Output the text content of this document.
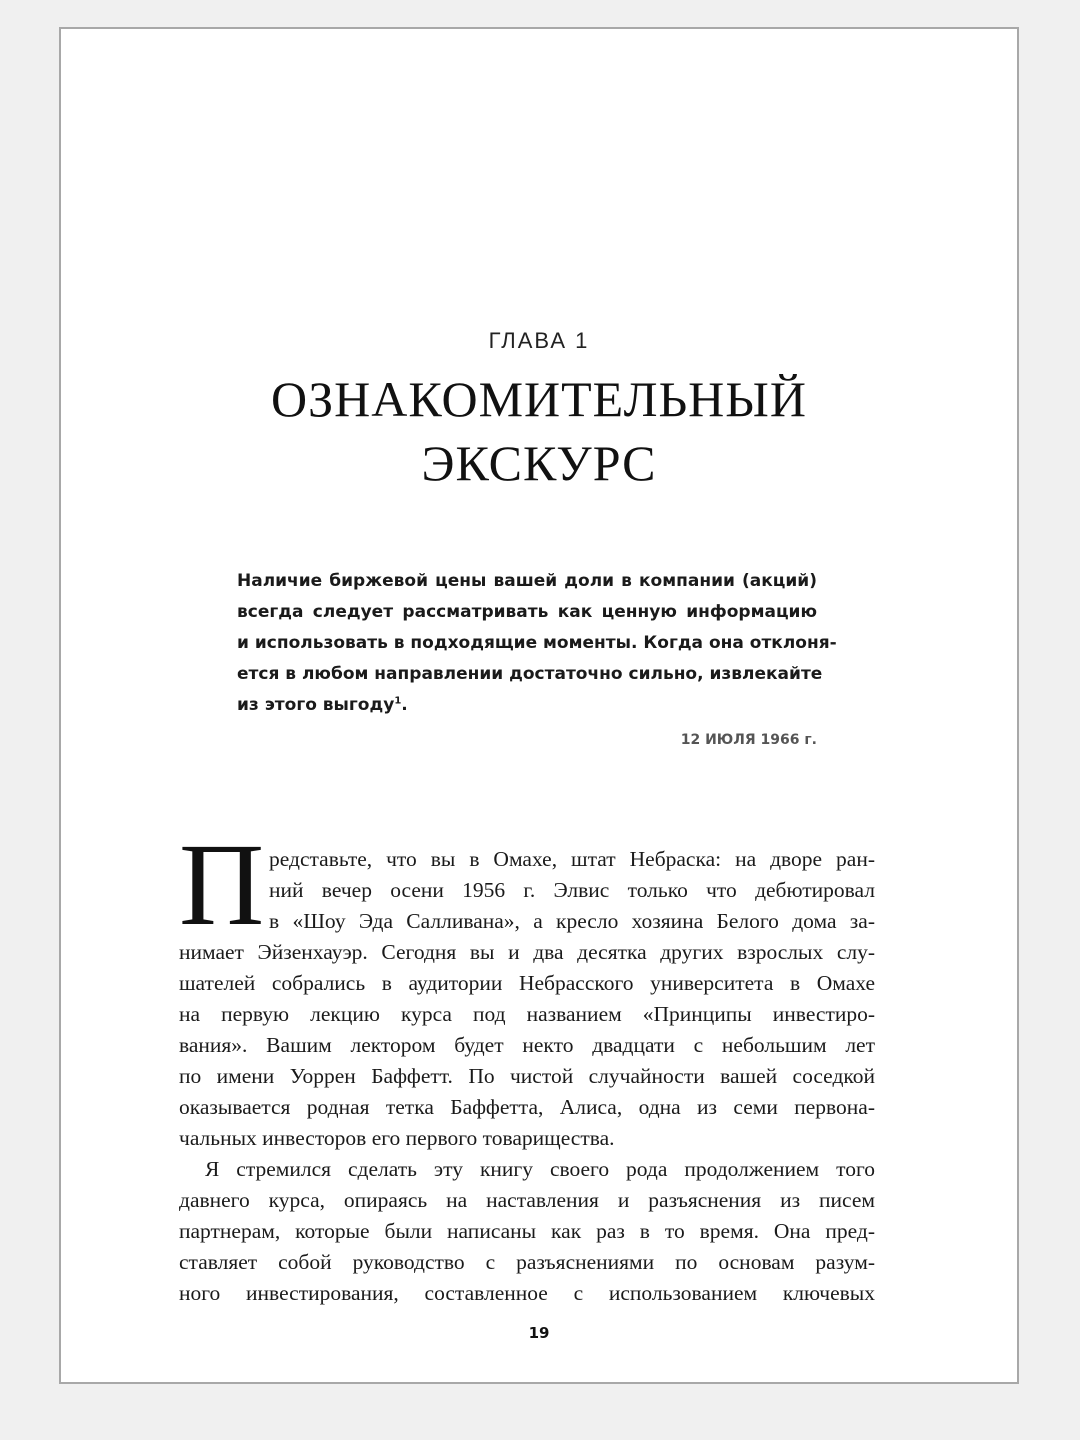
ГЛАВА 1
ОЗНАКОМИТЕЛЬНЫЙ
ЭКСКУРС
Наличие биржевой цены вашей доли в компании (акций)
всегда следует рассматривать как ценную информацию
и использовать в подходящие моменты. Когда она отклоня-
ется в любом направлении достаточно сильно, извлекайте
из этого выгоду$^1$.
12 ИЮЛЯ 1966 г.
П редставьте, что вы в Омахе, штат Небраска: на дворе ран-
ний вечер осени 1956 г. Элвис только что дебютировал
в «Шоу Эда Салливана», а кресло хозяина Белого дома за-
нимает Эйзенхауэр. Сегодня вы и два десятка других взрослых слу-
шателей собрались в аудитории Небрасского университета в Омахе
на первую лекцию курса под названием «Принципы инвестиро-
вания». Вашим лектором будет некто двадцати с небольшим лет
по имени Уоррен Баффетт. По чистой случайности вашей соседкой
оказывается родная тетка Баффетта, Алиса, одна из семи первона-
чальных инвесторов его первого товарищества.
Я стремился сделать эту книгу своего рода продолжением того
давнего курса, опираясь на наставления и разъяснения из писем
партнерам, которые были написаны как раз в то время. Она пред-
ставляет собой руководство с разъяснениями по основам разум-
ного инвестирования, составленное с использованием ключевых
19
